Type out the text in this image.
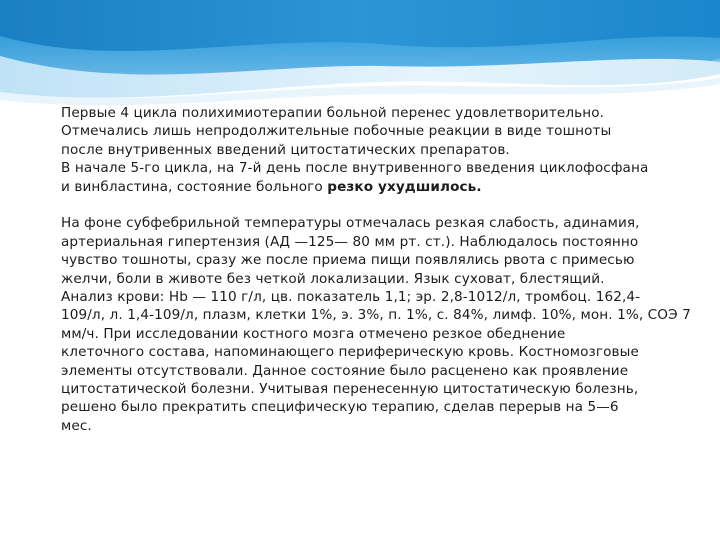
Первые 4 цикла полихимиотерапии больной перенес удовлетворительно.
Отмечались лишь непродолжительные побочные реакции в виде тошноты
после внутривенных введений цитостатических препаратов.
В начале 5-го цикла, на 7-й день после внутривенного введения циклофосфана
и винбластина, состояние больного резко ухудшилось.

На фоне субфебрильной температуры отмечалась резкая слабость, адинамия,
артериальная гипертензия (АД —125— 80 мм рт. ст.). Наблюдалось постоянно
чувство тошноты, сразу же после приема пищи появлялись рвота с примесью
желчи, боли в животе без четкой локализации. Язык суховат, блестящий.
Анализ крови: Нb — 110 г/л, цв. показатель 1,1; эр. 2,8-1012/л, тромбоц. 162,4-
109/л, л. 1,4-109/л, плазм, клетки 1%, э. 3%, п. 1%, с. 84%, лимф. 10%, мон. 1%, СОЭ 7
мм/ч. При исследовании костного мозга отмечено резкое обеднение
клеточного состава, напоминающего периферическую кровь. Костномозговые
элементы отсутствовали. Данное состояние было расценено как проявление
цитостатической болезни. Учитывая перенесенную цитостатическую болезнь,
решено было прекратить специфическую терапию, сделав перерыв на 5—6
мес.
